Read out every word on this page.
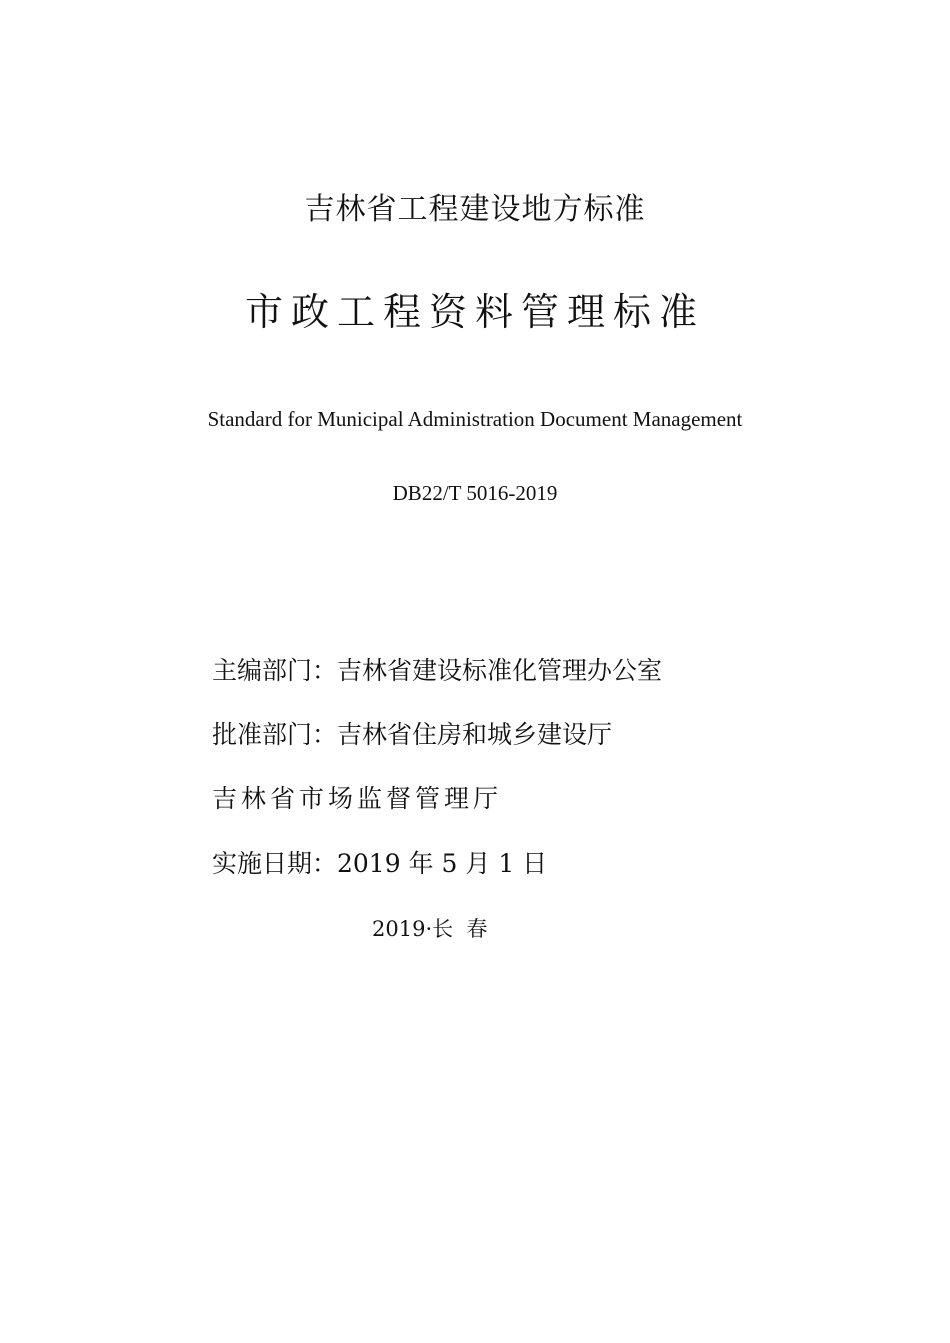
吉林省工程建设地方标准
市政工程资料管理标准
Standard for Municipal Administration Document Management
DB22/T 5016-2019
主编部门：吉林省建设标准化管理办公室
批准部门：吉林省住房和城乡建设厅
吉林省市场监督管理厅
实施日期：2019 年 5 月 1 日
2019·长  春
